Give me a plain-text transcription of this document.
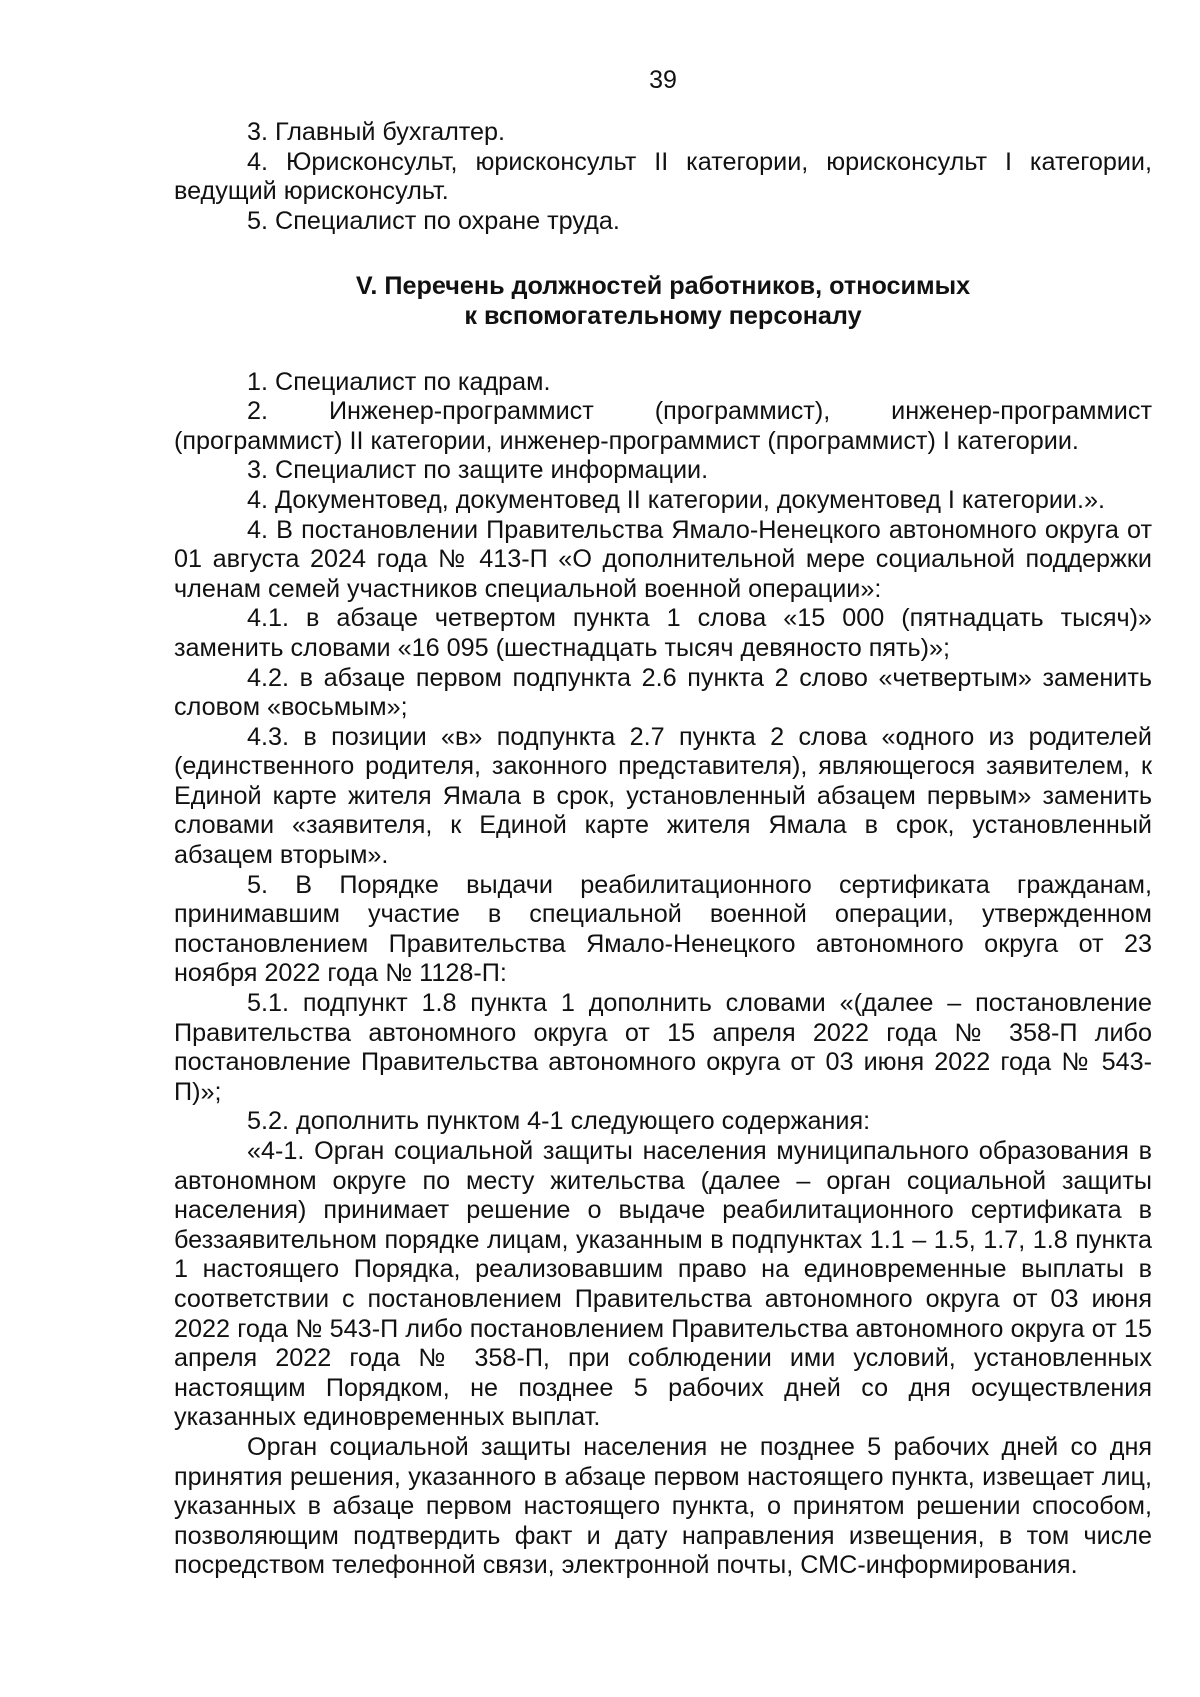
39

3. Главный бухгалтер.

4. Юрисконсульт, юрисконсульт II категории, юрисконсульт I категории, ведущий юрисконсульт.

5. Специалист по охране труда.

V. Перечень должностей работников, относимых
к вспомогательному персоналу

1. Специалист по кадрам.

2. Инженер-программист (программист), инженер-программист (программист) II категории, инженер-программист (программист) I категории.

3. Специалист по защите информации.

4. Документовед, документовед II категории, документовед I категории.».

4. В постановлении Правительства Ямало-Ненецкого автономного округа от 01 августа 2024 года № 413-П «О дополнительной мере социальной поддержки членам семей участников специальной военной операции»:

4.1. в абзаце четвертом пункта 1 слова «15 000 (пятнадцать тысяч)» заменить словами «16 095 (шестнадцать тысяч девяносто пять)»;

4.2. в абзаце первом подпункта 2.6 пункта 2 слово «четвертым» заменить словом «восьмым»;

4.3. в позиции «в» подпункта 2.7 пункта 2 слова «одного из родителей (единственного родителя, законного представителя), являющегося заявителем, к Единой карте жителя Ямала в срок, установленный абзацем первым» заменить словами «заявителя, к Единой карте жителя Ямала в срок, установленный абзацем вторым».

5. В Порядке выдачи реабилитационного сертификата гражданам, принимавшим участие в специальной военной операции, утвержденном постановлением Правительства Ямало-Ненецкого автономного округа от 23 ноября 2022 года № 1128-П:

5.1. подпункт 1.8 пункта 1 дополнить словами «(далее – постановление Правительства автономного округа от 15 апреля 2022 года № 358-П либо постановление Правительства автономного округа от 03 июня 2022 года № 543-П)»;

5.2. дополнить пунктом 4-1 следующего содержания:

«4-1. Орган социальной защиты населения муниципального образования в автономном округе по месту жительства (далее – орган социальной защиты населения) принимает решение о выдаче реабилитационного сертификата в беззаявительном порядке лицам, указанным в подпунктах 1.1 – 1.5, 1.7, 1.8 пункта 1 настоящего Порядка, реализовавшим право на единовременные выплаты в соответствии с постановлением Правительства автономного округа от 03 июня 2022 года № 543-П либо постановлением Правительства автономного округа от 15 апреля 2022 года № 358-П, при соблюдении ими условий, установленных настоящим Порядком, не позднее 5 рабочих дней со дня осуществления указанных единовременных выплат.

Орган социальной защиты населения не позднее 5 рабочих дней со дня принятия решения, указанного в абзаце первом настоящего пункта, извещает лиц, указанных в абзаце первом настоящего пункта, о принятом решении способом, позволяющим подтвердить факт и дату направления извещения, в том числе посредством телефонной связи, электронной почты, СМС-информирования.
